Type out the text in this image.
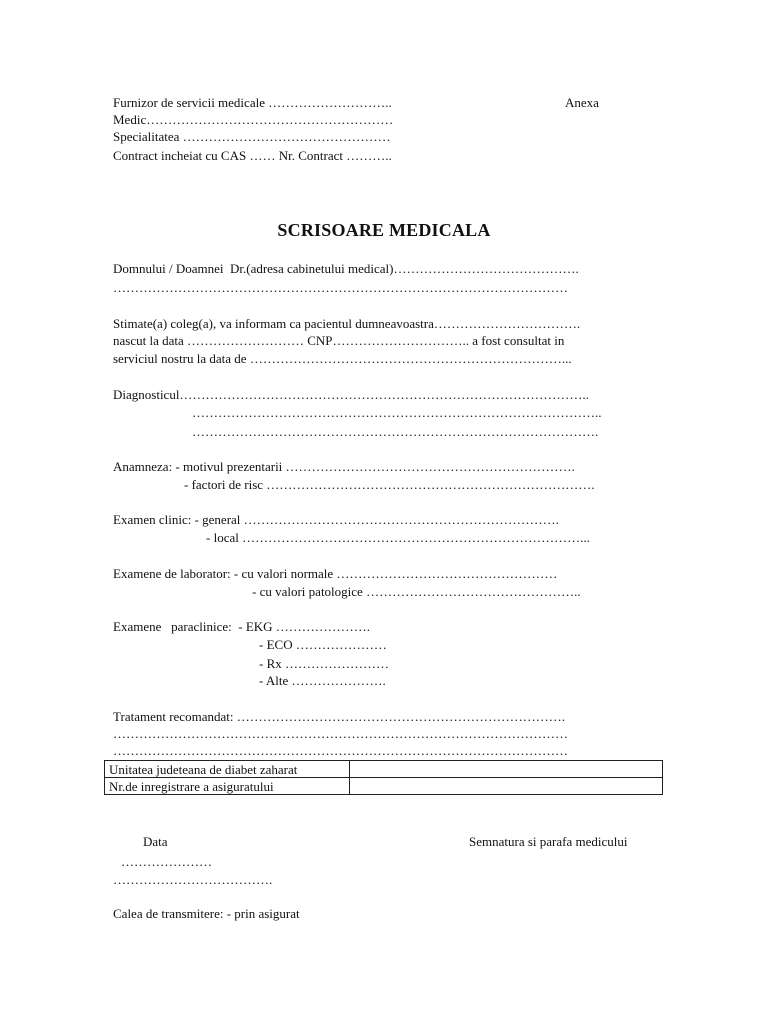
Furnizor de servicii medicale ………………………..	Anexa
Medic…………………………………………………
Specialitatea …………………………………………
Contract incheiat cu CAS …… Nr. Contract ………..
SCRISOARE MEDICALA
Domnului / Doamnei  Dr.(adresa cabinetului medical)…………………………………….
……………………………………………………………………………………………
Stimate(a) coleg(a), va informam ca pacientul dumneavoastra…………………………….
nascut la data ……………………… CNP………………………….. a fost consultat in
serviciul nostru la data de ………………………………………………………………...
Diagnosticul…………………………………………………………………………………..
…………………………………………………………………………………..
………………………………………………………………………………….
Anamneza: - motivul prezentarii ………………………………………………………….
- factori de risc ………………………………………………………………….
Examen clinic: - general ……………………………………………………………….
- local ……………………………………………………………………...
Examene de laborator: - cu valori normale ……………………………………………
- cu valori patologice …………………………………………..
Examene   paraclinice:  - EKG ………………….
- ECO …………………
- Rx ……………………
- Alte ………………….
Tratament recomandat: ………………………………………………………………….
……………………………………………………………………………………………
……………………………………………………………………………………………
Unitatea judeteana de diabet zaharat	
Nr.de inregistrare a asiguratului	
Data	Semnatura si parafa medicului
…………………
……………………………….
Calea de transmitere: - prin asigurat
